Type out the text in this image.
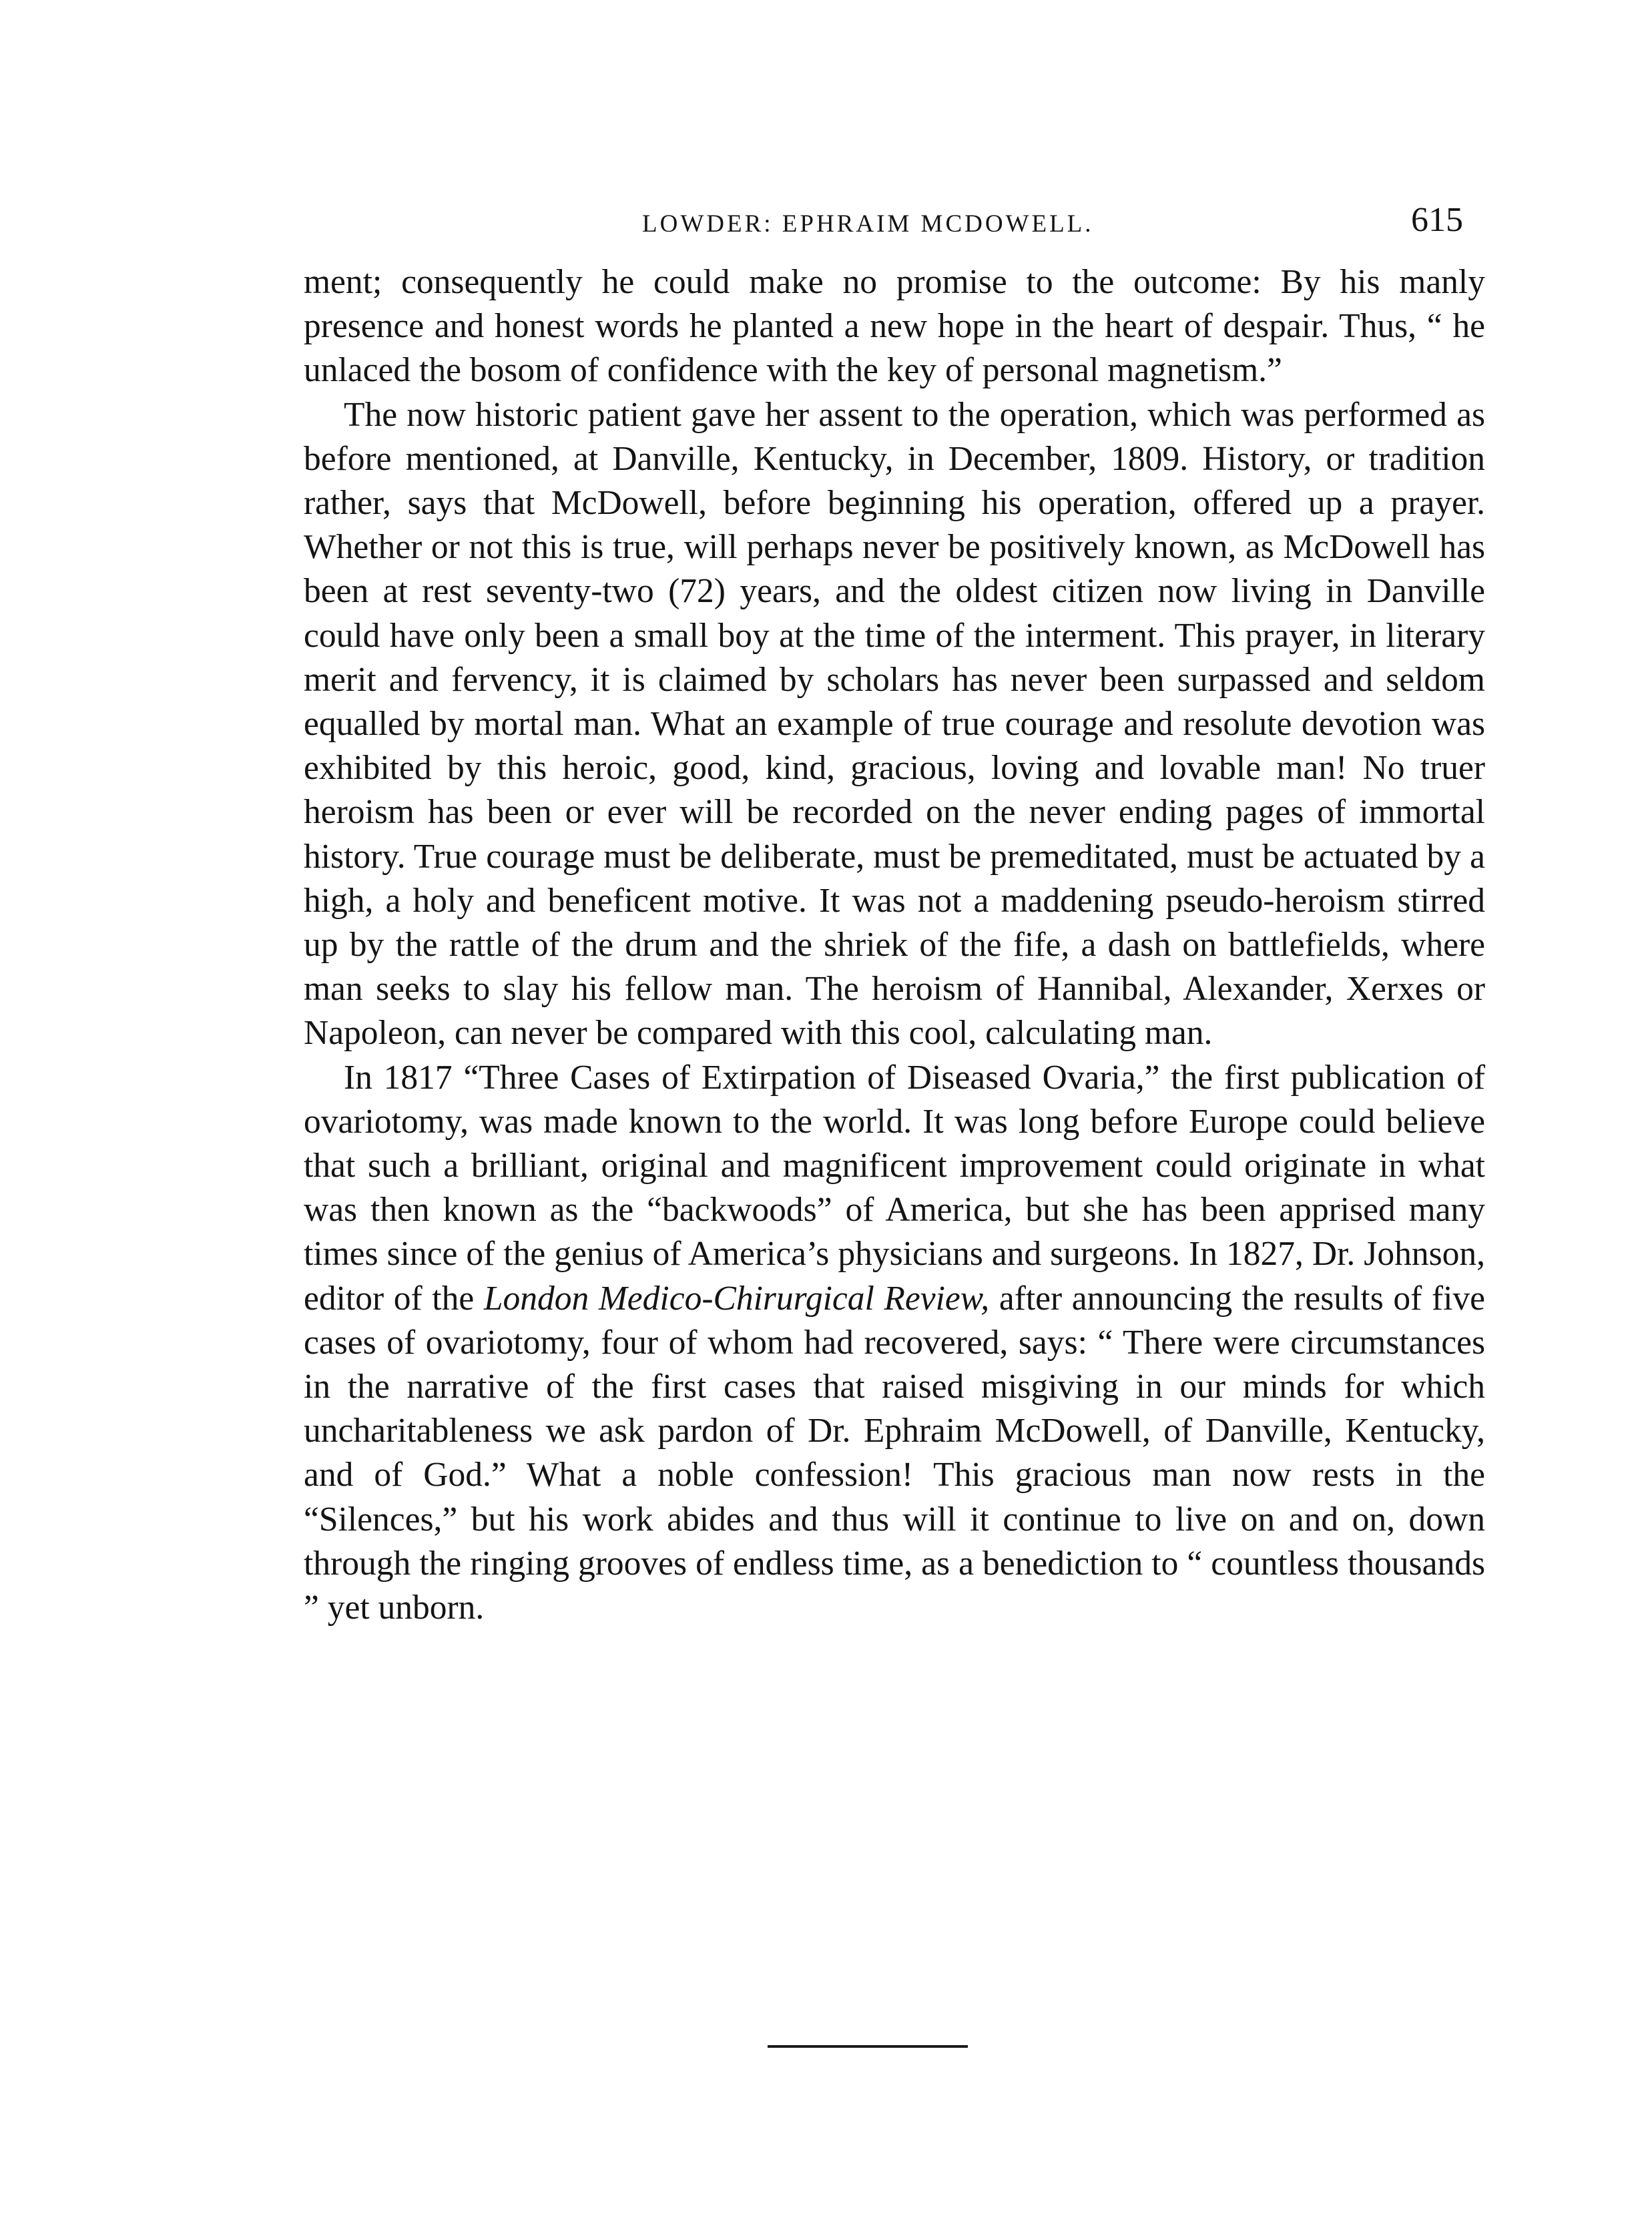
LOWDER: EPHRAIM MCDOWELL.	615

ment; consequently he could make no promise to the outcome: By his manly presence and honest words he planted a new hope in the heart of despair. Thus, “ he unlaced the bosom of confidence with the key of personal magnetism.”

The now historic patient gave her assent to the operation, which was performed as before mentioned, at Danville, Kentucky, in December, 1809. History, or tradition rather, says that McDowell, before beginning his operation, offered up a prayer. Whether or not this is true, will perhaps never be positively known, as McDowell has been at rest seventy-two (72) years, and the oldest citizen now living in Danville could have only been a small boy at the time of the interment. This prayer, in literary merit and fervency, it is claimed by scholars has never been surpassed and seldom equalled by mortal man. What an example of true courage and resolute devotion was exhibited by this heroic, good, kind, gracious, loving and lovable man! No truer heroism has been or ever will be recorded on the never ending pages of immortal history. True courage must be deliberate, must be premeditated, must be actuated by a high, a holy and beneficent motive. It was not a maddening pseudo-heroism stirred up by the rattle of the drum and the shriek of the fife, a dash on battlefields, where man seeks to slay his fellow man. The heroism of Hannibal, Alexander, Xerxes or Napoleon, can never be compared with this cool, calculating man.

In 1817 “Three Cases of Extirpation of Diseased Ovaria,” the first publication of ovariotomy, was made known to the world. It was long before Europe could believe that such a brilliant, original and magnificent improvement could originate in what was then known as the “backwoods” of America, but she has been apprised many times since of the genius of America’s physicians and surgeons. In 1827, Dr. Johnson, editor of the London Medico-Chirurgical Review, after announcing the results of five cases of ovariotomy, four of whom had recovered, says: “ There were circumstances in the narrative of the first cases that raised misgiving in our minds for which uncharitableness we ask pardon of Dr. Ephraim McDowell, of Danville, Kentucky, and of God.” What a noble confession! This gracious man now rests in the “Silences,” but his work abides and thus will it continue to live on and on, down through the ringing grooves of endless time, as a benediction to “ countless thousands ” yet unborn.
